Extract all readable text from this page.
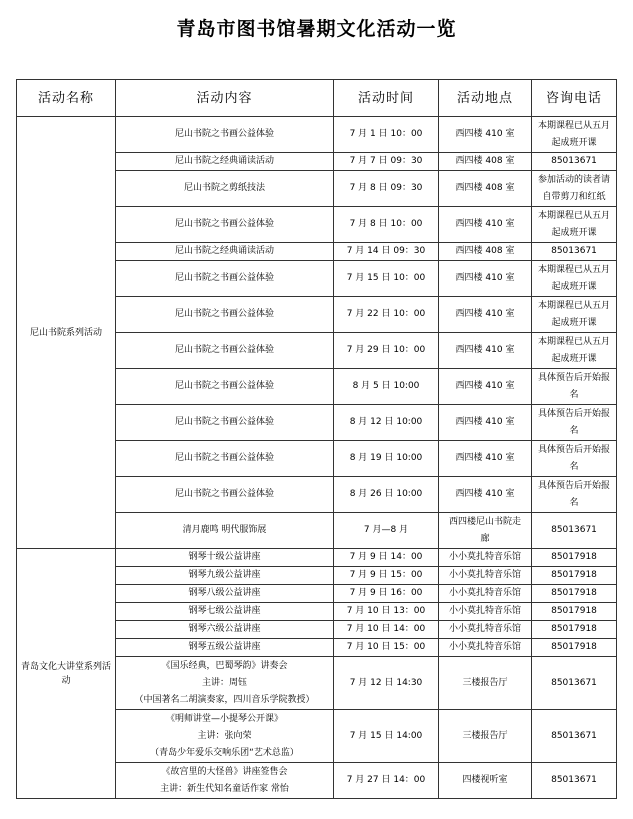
青岛市图书馆暑期文化活动一览
活动名称	活动内容	活动时间	活动地点	咨询电话
尼山书院系列活动	尼山书院之书画公益体验	7 月 1 日 10：00	西四楼 410 室	本期课程已从五月
起成班开课

	尼山书院之经典诵读活动	7 月 7 日 09：30	西四楼 408 室	85013671

	尼山书院之剪纸技法	7 月 8 日 09：30	西四楼 408 室	参加活动的读者请
自带剪刀和红纸

	尼山书院之书画公益体验	7 月 8 日 10：00	西四楼 410 室	本期课程已从五月
起成班开课

	尼山书院之经典诵读活动	7 月 14 日 09：30	西四楼 408 室	85013671

	尼山书院之书画公益体验	7 月 15 日 10：00	西四楼 410 室	本期课程已从五月
起成班开课

	尼山书院之书画公益体验	7 月 22 日 10：00	西四楼 410 室	本期课程已从五月
起成班开课

	尼山书院之书画公益体验	7 月 29 日 10：00	西四楼 410 室	本期课程已从五月
起成班开课

	尼山书院之书画公益体验	8 月 5 日 10:00	西四楼 410 室	具体预告后开始报
名

	尼山书院之书画公益体验	8 月 12 日 10:00	西四楼 410 室	具体预告后开始报
名

	尼山书院之书画公益体验	8 月 19 日 10:00	西四楼 410 室	具体预告后开始报
名

	尼山书院之书画公益体验	8 月 26 日 10:00	西四楼 410 室	具体预告后开始报
名

	清月鹿鸣 明代服饰展	7 月—8 月	西四楼尼山书院走
廊	85013671

青岛文化大讲堂系列活动	钢琴十级公益讲座	7 月 9 日 14：00	小小莫扎特音乐馆	85017918

	钢琴九级公益讲座	7 月 9 日 15：00	小小莫扎特音乐馆	85017918

	钢琴八级公益讲座	7 月 9 日 16：00	小小莫扎特音乐馆	85017918

	钢琴七级公益讲座	7 月 10 日 13：00	小小莫扎特音乐馆	85017918

	钢琴六级公益讲座	7 月 10 日 14：00	小小莫扎特音乐馆	85017918

	钢琴五级公益讲座	7 月 10 日 15：00	小小莫扎特音乐馆	85017918

	《国乐经典，巴蜀琴韵》讲奏会
主讲：周钰
（中国著名二胡演奏家，四川音乐学院教授）	7 月 12 日 14:30	三楼报告厅	85013671

	《明师讲堂—小提琴公开课》
主讲：张向荣
（青岛少年爱乐交响乐团“艺术总监）	7 月 15 日 14:00	三楼报告厅	85013671

	《故宫里的大怪兽》讲座签售会
主讲：新生代知名童话作家 常怡	7 月 27 日 14：00	四楼视听室	85013671
